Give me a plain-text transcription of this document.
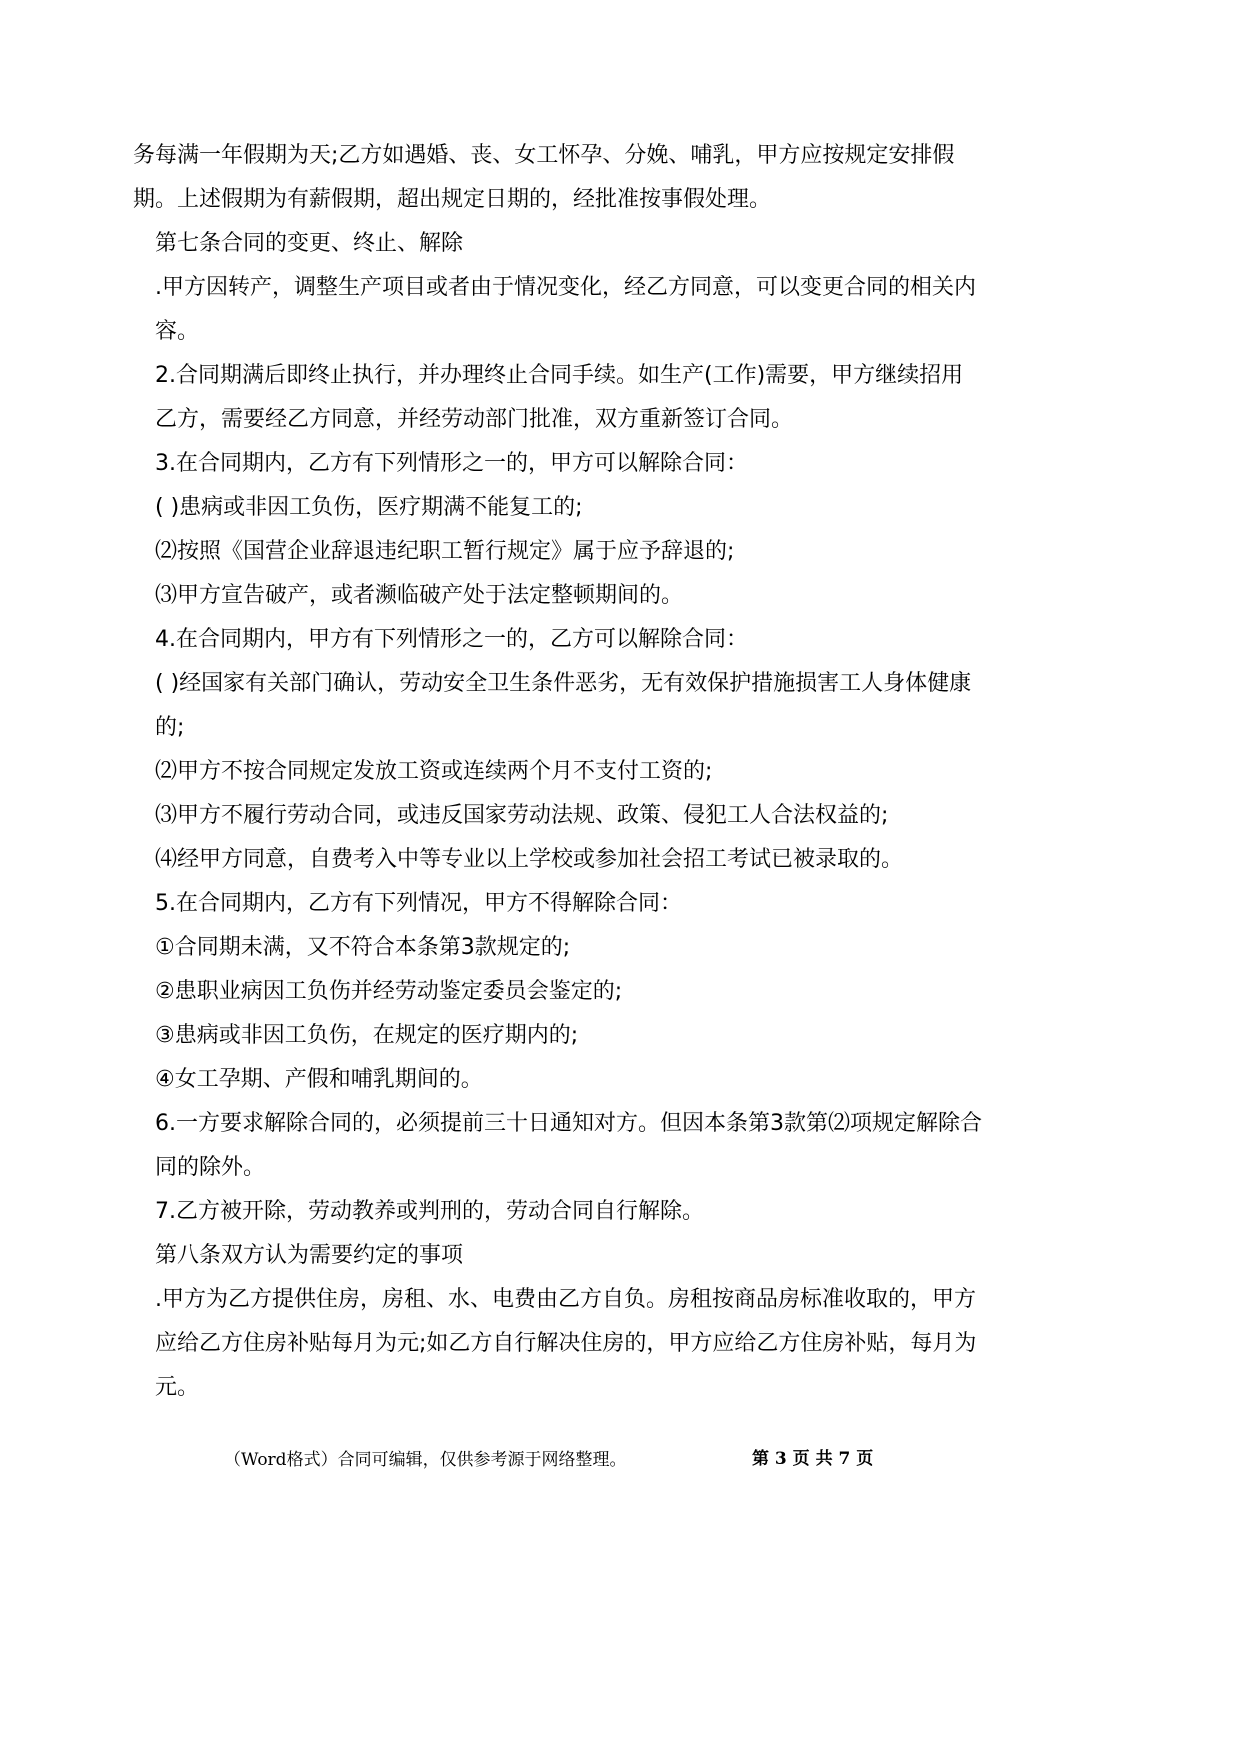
务每满一年假期为天;乙方如遇婚、丧、女工怀孕、分娩、哺乳，甲方应按规定安排假期。上述假期为有薪假期，超出规定日期的，经批准按事假处理。

第七条合同的变更、终止、解除

.甲方因转产，调整生产项目或者由于情况变化，经乙方同意，可以变更合同的相关内容。

2.合同期满后即终止执行，并办理终止合同手续。如生产(工作)需要，甲方继续招用乙方，需要经乙方同意，并经劳动部门批准，双方重新签订合同。

3.在合同期内，乙方有下列情形之一的，甲方可以解除合同：

( )患病或非因工负伤，医疗期满不能复工的;

⑵按照《国营企业辞退违纪职工暂行规定》属于应予辞退的;

⑶甲方宣告破产，或者濒临破产处于法定整顿期间的。

4.在合同期内，甲方有下列情形之一的，乙方可以解除合同：

( )经国家有关部门确认，劳动安全卫生条件恶劣，无有效保护措施损害工人身体健康的;

⑵甲方不按合同规定发放工资或连续两个月不支付工资的;

⑶甲方不履行劳动合同，或违反国家劳动法规、政策、侵犯工人合法权益的;

⑷经甲方同意，自费考入中等专业以上学校或参加社会招工考试已被录取的。

5.在合同期内，乙方有下列情况，甲方不得解除合同：

①合同期未满，又不符合本条第3款规定的;

②患职业病因工负伤并经劳动鉴定委员会鉴定的;

③患病或非因工负伤，在规定的医疗期内的;

④女工孕期、产假和哺乳期间的。

6.一方要求解除合同的，必须提前三十日通知对方。但因本条第3款第⑵项规定解除合同的除外。

7.乙方被开除，劳动教养或判刑的，劳动合同自行解除。

第八条双方认为需要约定的事项

.甲方为乙方提供住房，房租、水、电费由乙方自负。房租按商品房标准收取的，甲方应给乙方住房补贴每月为元;如乙方自行解决住房的，甲方应给乙方住房补贴，每月为元。

（Word格式）合同可编辑，仅供参考源于网络整理。	第 3 页 共 7 页
